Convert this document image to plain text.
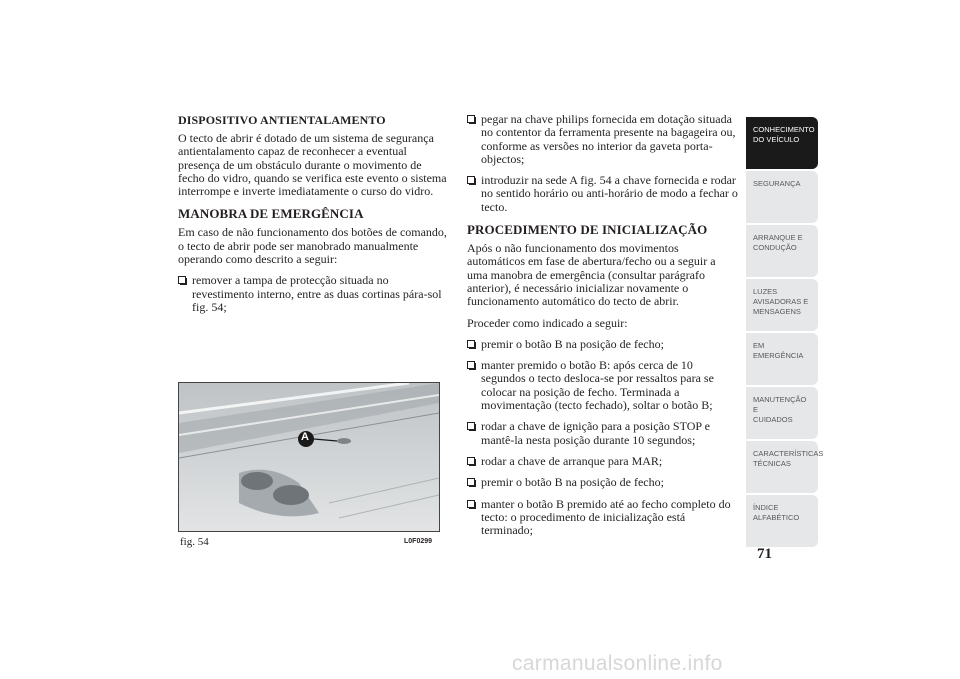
DISPOSITIVO ANTIENTALAMENTO

O tecto de abrir é dotado de um sistema de segurança antientalamento capaz de reconhecer a eventual presença de um obstáculo durante o movimento de fecho do vidro, quando se verifica este evento o sistema interrompe e inverte imediatamente o curso do vidro.

MANOBRA DE EMERGÊNCIA

Em caso de não funcionamento dos botões de comando, o tecto de abrir pode ser manobrado manualmente operando como descrito a seguir:

remover a tampa de protecção situada no revestimento interno, entre as duas cortinas pára-sol fig. 54;

A
fig. 54	L0F0299

pegar na chave philips fornecida em dotação situada no contentor da ferramenta presente na bagageira ou, conforme as versões no interior da gaveta porta-objectos;

introduzir na sede A fig. 54 a chave fornecida e rodar no sentido horário ou anti-horário de modo a fechar o tecto.

PROCEDIMENTO DE INICIALIZAÇÃO

Após o não funcionamento dos movimentos automáticos em fase de abertura/fecho ou a seguir a uma manobra de emergência (consultar parágrafo anterior), é necessário inicializar novamente o funcionamento automático do tecto de abrir.

Proceder como indicado a seguir:

premir o botão B na posição de fecho;

manter premido o botão B: após cerca de 10 segundos o tecto desloca-se por ressaltos para se colocar na posição de fecho. Terminada a movimentação (tecto fechado), soltar o botão B;

rodar a chave de ignição para a posição STOP e mantê-la nesta posição durante 10 segundos;

rodar a chave de arranque para MAR;

premir o botão B na posição de fecho;

manter o botão B premido até ao fecho completo do tecto: o procedimento de inicialização está terminado;

CONHECIMENTO
DO VEÍCULO
SEGURANÇA
ARRANQUE E
CONDUÇÃO
LUZES
AVISADORAS E
MENSAGENS
EM EMERGÊNCIA
MANUTENÇÃO E
CUIDADOS
CARACTERÍSTICAS
TÉCNICAS
ÍNDICE
ALFABÉTICO
71
carmanualsonline.info
